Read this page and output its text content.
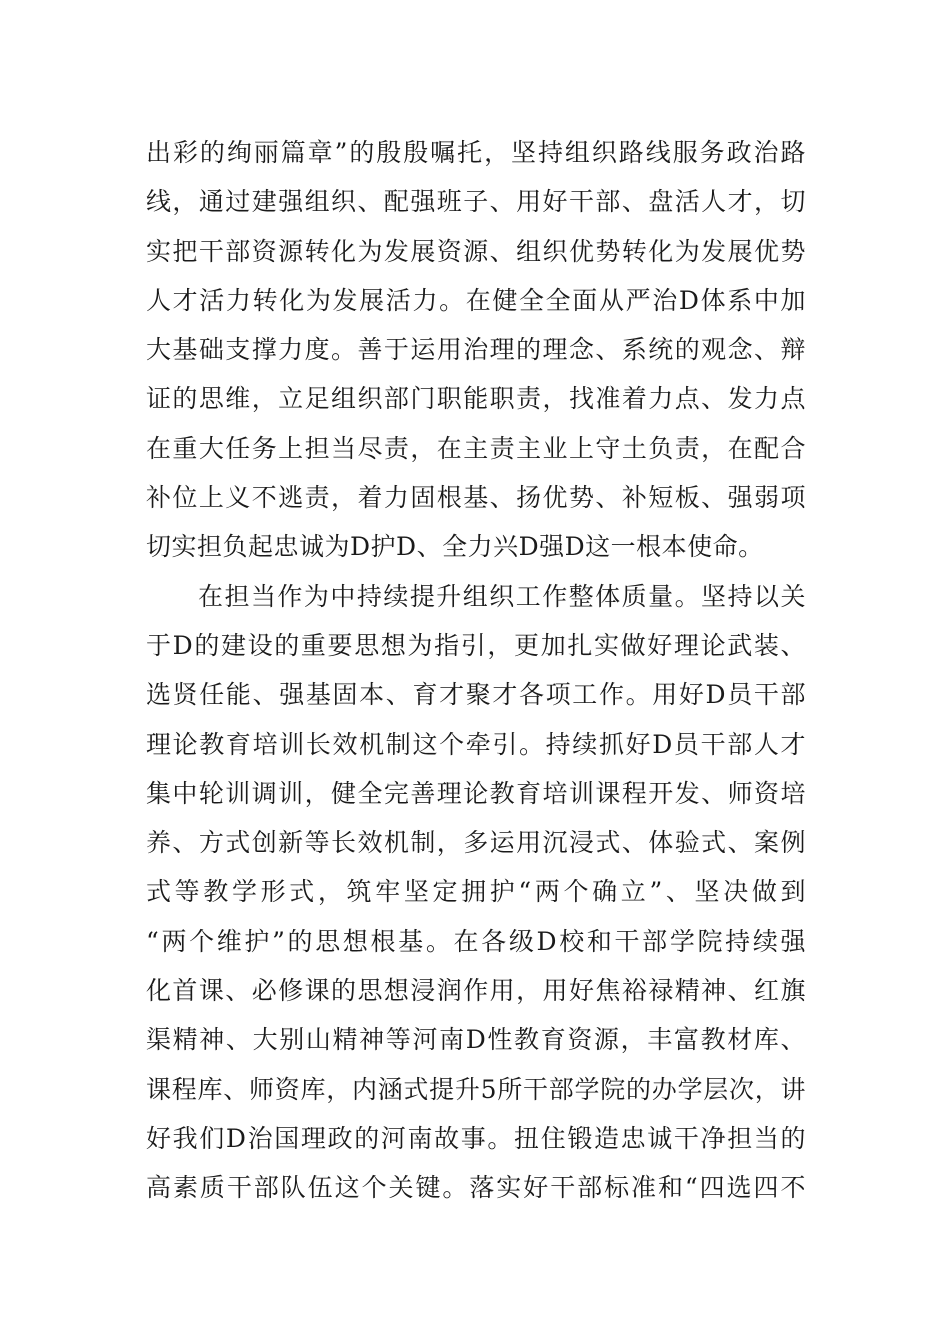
出彩的绚丽篇章”的殷殷嘱托，坚持组织路线服务政治路
线，通过建强组织、配强班子、用好干部、盘活人才，切
实把干部资源转化为发展资源、组织优势转化为发展优势
人才活力转化为发展活力。在健全全面从严治D体系中加
大基础支撑力度。善于运用治理的理念、系统的观念、辩
证的思维，立足组织部门职能职责，找准着力点、发力点
在重大任务上担当尽责，在主责主业上守土负责，在配合
补位上义不逃责，着力固根基、扬优势、补短板、强弱项
切实担负起忠诚为D护D、全力兴D强D这一根本使命。
在担当作为中持续提升组织工作整体质量。坚持以关
于D的建设的重要思想为指引，更加扎实做好理论武装、
选贤任能、强基固本、育才聚才各项工作。用好D员干部
理论教育培训长效机制这个牵引。持续抓好D员干部人才
集中轮训调训，健全完善理论教育培训课程开发、师资培
养、方式创新等长效机制，多运用沉浸式、体验式、案例
式等教学形式，筑牢坚定拥护“两个确立”、坚决做到
“两个维护”的思想根基。在各级D校和干部学院持续强
化首课、必修课的思想浸润作用，用好焦裕禄精神、红旗
渠精神、大别山精神等河南D性教育资源，丰富教材库、
课程库、师资库，内涵式提升5所干部学院的办学层次，讲
好我们D治国理政的河南故事。扭住锻造忠诚干净担当的
高素质干部队伍这个关键。落实好干部标准和“四选四不
